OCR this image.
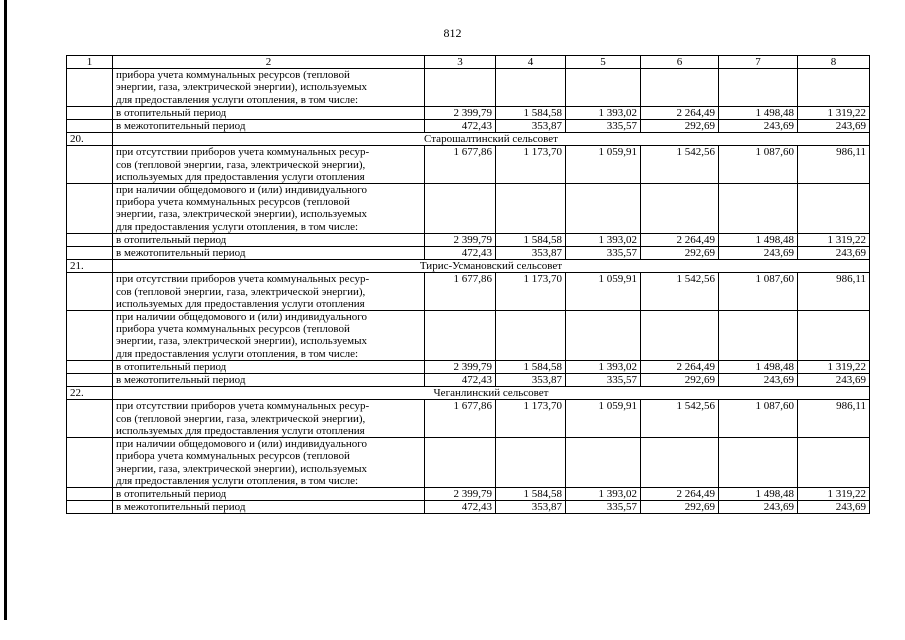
812
1	2	3	4	5	6	7	8

	прибора учета коммунальных ресурсов (тепловой
энергии, газа, электрической энергии), используемых
для предоставления услуги отопления, в том числе:						

	в отопительный период	2 399,79	1 584,58	1 393,02	2 264,49	1 498,48	1 319,22
	в межотопительный период	472,43	353,87	335,57	292,69	243,69	243,69
20.	Старошалтинский сельсовет						

	при отсутствии приборов учета коммунальных ресур-
сов (тепловой энергии, газа, электрической энергии),
используемых для предоставления услуги отопления	1 677,86	1 173,70	1 059,91	1 542,56	1 087,60	986,11

	при наличии общедомового и (или) индивидуального
прибора учета коммунальных ресурсов (тепловой
энергии, газа, электрической энергии), используемых
для предоставления услуги отопления, в том числе:						

	в отопительный период	2 399,79	1 584,58	1 393,02	2 264,49	1 498,48	1 319,22
	в межотопительный период	472,43	353,87	335,57	292,69	243,69	243,69
21.	Тирис-Усмановский сельсовет						

	при отсутствии приборов учета коммунальных ресур-
сов (тепловой энергии, газа, электрической энергии),
используемых для предоставления услуги отопления	1 677,86	1 173,70	1 059,91	1 542,56	1 087,60	986,11

	при наличии общедомового и (или) индивидуального
прибора учета коммунальных ресурсов (тепловой
энергии, газа, электрической энергии), используемых
для предоставления услуги отопления, в том числе:						

	в отопительный период	2 399,79	1 584,58	1 393,02	2 264,49	1 498,48	1 319,22
	в межотопительный период	472,43	353,87	335,57	292,69	243,69	243,69
22.	Чеганлинский сельсовет						

	при отсутствии приборов учета коммунальных ресур-
сов (тепловой энергии, газа, электрической энергии),
используемых для предоставления услуги отопления	1 677,86	1 173,70	1 059,91	1 542,56	1 087,60	986,11

	при наличии общедомового и (или) индивидуального
прибора учета коммунальных ресурсов (тепловой
энергии, газа, электрической энергии), используемых
для предоставления услуги отопления, в том числе:						

	в отопительный период	2 399,79	1 584,58	1 393,02	2 264,49	1 498,48	1 319,22
	в межотопительный период	472,43	353,87	335,57	292,69	243,69	243,69
